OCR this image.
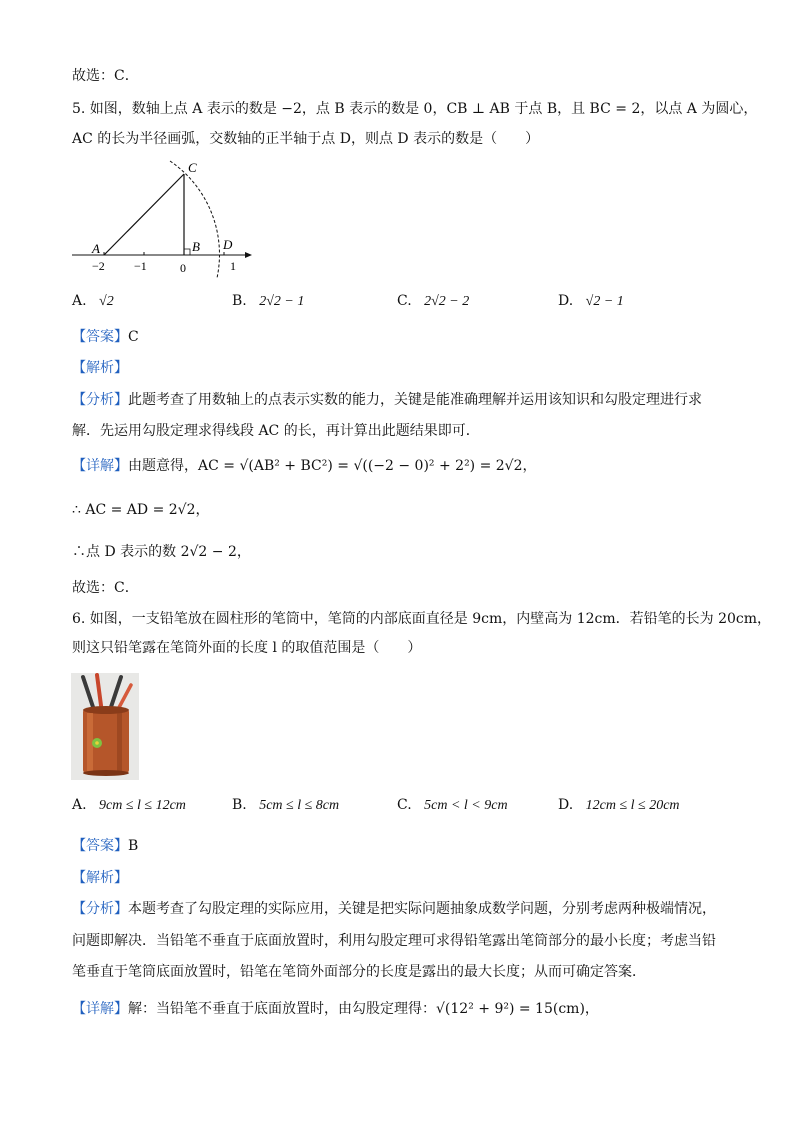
故选：C．
5. 如图，数轴上点 A 表示的数是 −2，点 B 表示的数是 0，CB ⊥ AB 于点 B，且 BC = 2，以点 A 为圆心，
AC 的长为半径画弧，交数轴的正半轴于点 D，则点 D 表示的数是（　　）
A	B
C
D
−2 −1	0	1
A. √2	B. 2√2 − 1	C. 2√2 − 2	D. √2 − 1
【答案】C
【解析】
【分析】此题考查了用数轴上的点表示实数的能力，关键是能准确理解并运用该知识和勾股定理进行求
解．先运用勾股定理求得线段 AC 的长，再计算出此题结果即可．
【详解】由题意得，AC = √(AB² + BC²) = √((−2 − 0)² + 2²) = 2√2，
∴ AC = AD = 2√2，
∴点 D 表示的数 2√2 − 2，
故选：C．
6. 如图，一支铅笔放在圆柱形的笔筒中，笔筒的内部底面直径是 9cm，内壁高为 12cm．若铅笔的长为 20cm，
则这只铅笔露在笔筒外面的长度 l 的取值范围是（　　）
A. 9cm ≤ l ≤ 12cm	B. 5cm ≤ l ≤ 8cm	C. 5cm < l < 9cm	D. 12cm ≤ l ≤ 20cm
【答案】B
【解析】
【分析】本题考查了勾股定理的实际应用，关键是把实际问题抽象成数学问题，分别考虑两种极端情况，
问题即解决．当铅笔不垂直于底面放置时，利用勾股定理可求得铅笔露出笔筒部分的最小长度；考虑当铅
笔垂直于笔筒底面放置时，铅笔在笔筒外面部分的长度是露出的最大长度；从而可确定答案．
【详解】解：当铅笔不垂直于底面放置时，由勾股定理得：√(12² + 9²) = 15(cm)，
